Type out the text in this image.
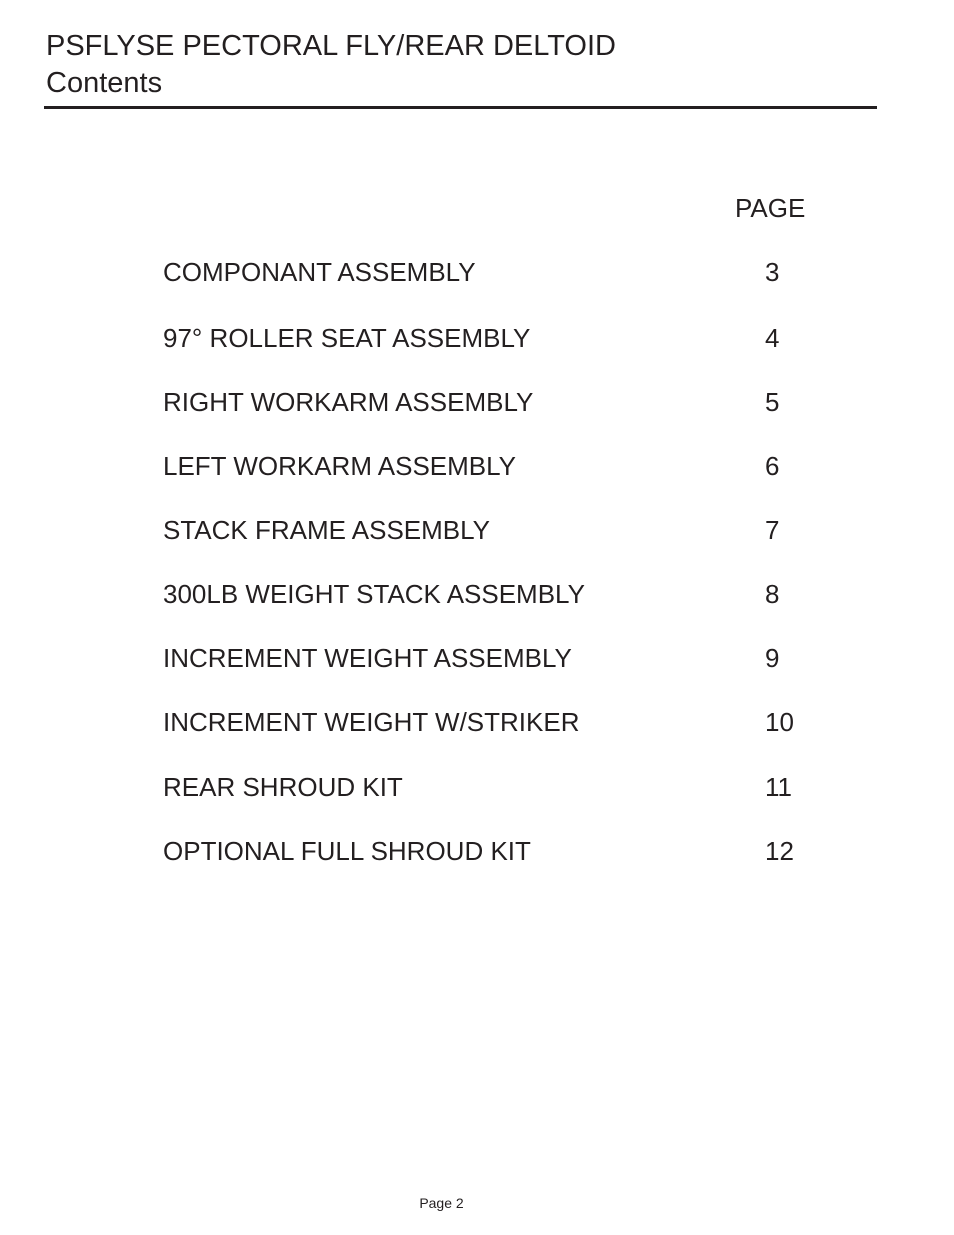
PSFLYSE PECTORAL FLY/REAR DELTOID
Contents
PAGE
COMPONANT ASSEMBLY	3
97° ROLLER SEAT ASSEMBLY	4
RIGHT WORKARM ASSEMBLY	5
LEFT WORKARM ASSEMBLY	6
STACK FRAME ASSEMBLY	7
300LB WEIGHT STACK ASSEMBLY	8
INCREMENT WEIGHT ASSEMBLY	9
INCREMENT WEIGHT W/STRIKER	10
REAR SHROUD KIT	11
OPTIONAL FULL SHROUD KIT	12
Page 2
